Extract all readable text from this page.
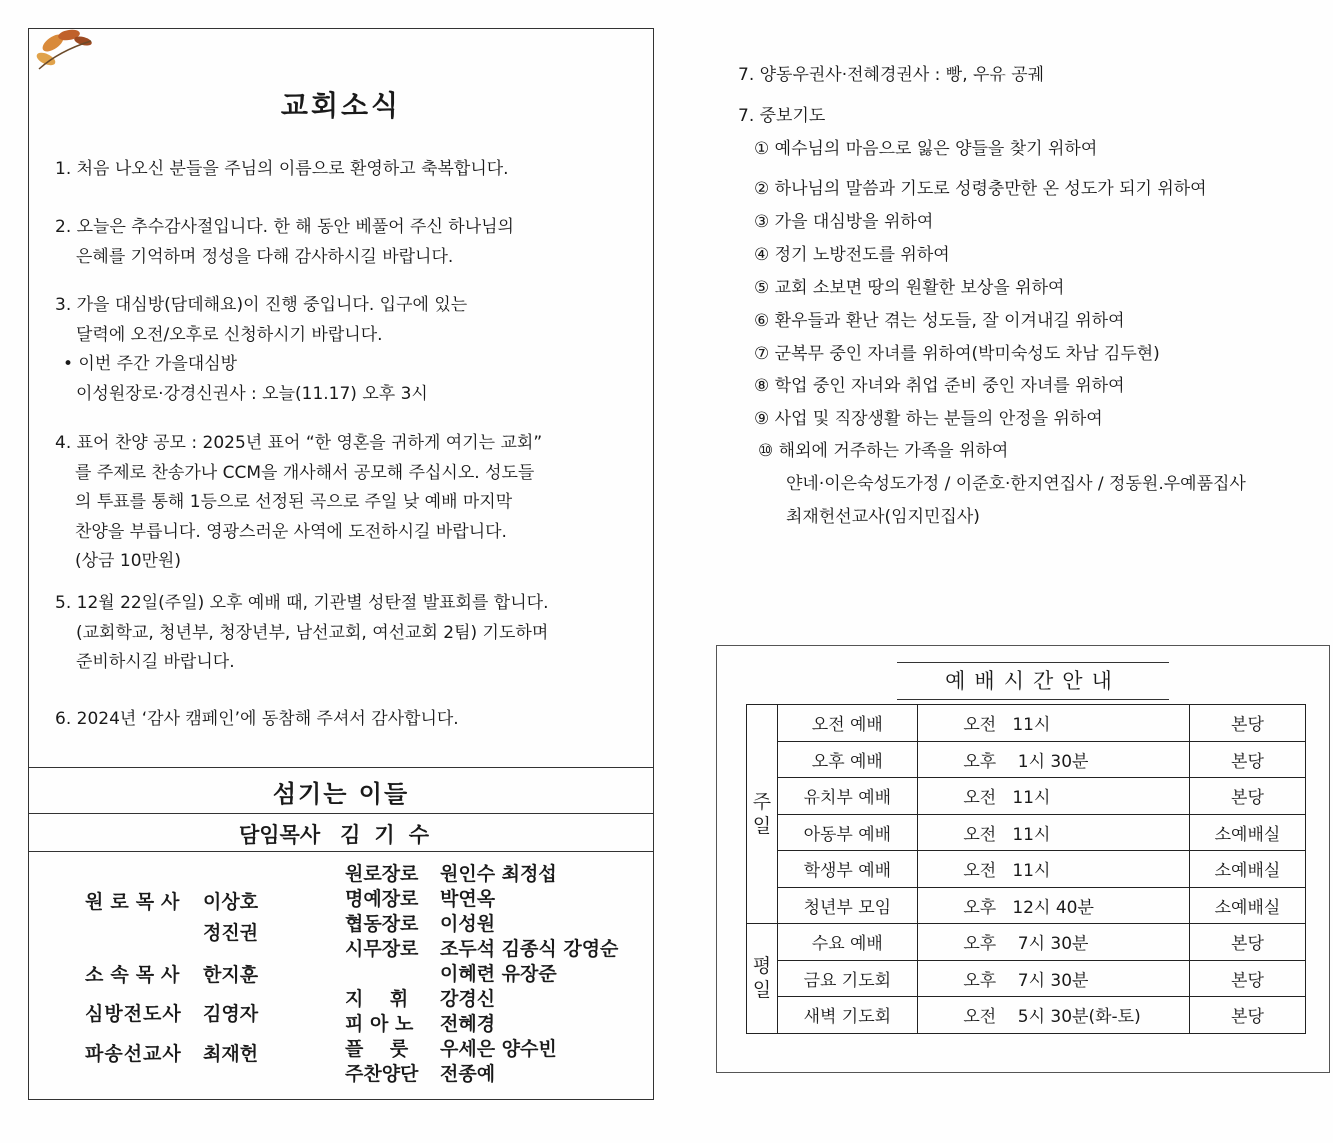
교회소식
1. 처음 나오신 분들을 주님의 이름으로 환영하고 축복합니다.
2. 오늘은 추수감사절입니다. 한 해 동안 베풀어 주신 하나님의
은혜를 기억하며 정성을 다해 감사하시길 바랍니다.
3. 가을 대심방(담데해요)이 진행 중입니다. 입구에 있는
달력에 오전/오후로 신청하시기 바랍니다.
• 이번 주간 가을대심방
이성원장로·강경신권사 : 오늘(11.17) 오후 3시
4. 표어 찬양 공모 : 2025년 표어 “한 영혼을 귀하게 여기는 교회”
를 주제로 찬송가나 CCM을 개사해서 공모해 주십시오. 성도들
의 투표를 통해 1등으로 선정된 곡으로 주일 낮 예배 마지막
찬양을 부릅니다. 영광스러운 사역에 도전하시길 바랍니다.
(상금 10만원)
5. 12월 22일(주일) 오후 예배 때, 기관별 성탄절 발표회를 합니다.
(교회학교, 청년부, 청장년부, 남선교회, 여선교회 2팀) 기도하며
준비하시길 바랍니다.
6. 2024년 ‘감사 캠페인’에 동참해 주셔서 감사합니다.
섬기는 이들
담임목사 김기수
원로목사 이상호
정진권
소속목사 한지훈
심방전도사	김영자
파송선교사	최재헌
원로장로	원인수 최정섭
명예장로	박연옥
협동장로	이성원
시무장로	조두석 김종식 강영순
이혜련 유장준
지    휘	강경신
피 아 노	전혜경
플    룻	우세은 양수빈
주찬양단	전종예
7. 양동우권사·전혜경권사 : 빵, 우유 공궤
7. 중보기도
① 예수님의 마음으로 잃은 양들을 찾기 위하여
② 하나님의 말씀과 기도로 성령충만한 온 성도가 되기 위하여
③ 가을 대심방을 위하여
④ 정기 노방전도를 위하여
⑤ 교회 소보면 땅의 원활한 보상을 위하여
⑥ 환우들과 환난 겪는 성도들, 잘 이겨내길 위하여
⑦ 군복무 중인 자녀를 위하여(박미숙성도 차남 김두현)
⑧ 학업 중인 자녀와 취업 준비 중인 자녀를 위하여
⑨ 사업 및 직장생활 하는 분들의 안정을 위하여
⑩ 해외에 거주하는 가족을 위하여
얀네·이은숙성도가정 / 이준호·한지연집사 / 정동원.우예품집사
최재헌선교사(임지민집사)
예배시간안내
주
일	오전 예배	오전   11시	본당
	오후 예배	오후    1시 30분	본당
	유치부 예배	오전   11시	본당
	아동부 예배	오전   11시	소예배실
	학생부 예배	오전   11시	소예배실
	청년부 모임	오후   12시 40분	소예배실

평
일	수요 예배	오후    7시 30분	본당
	금요 기도회	오후    7시 30분	본당
	새벽 기도회	오전    5시 30분(화-토)	본당
